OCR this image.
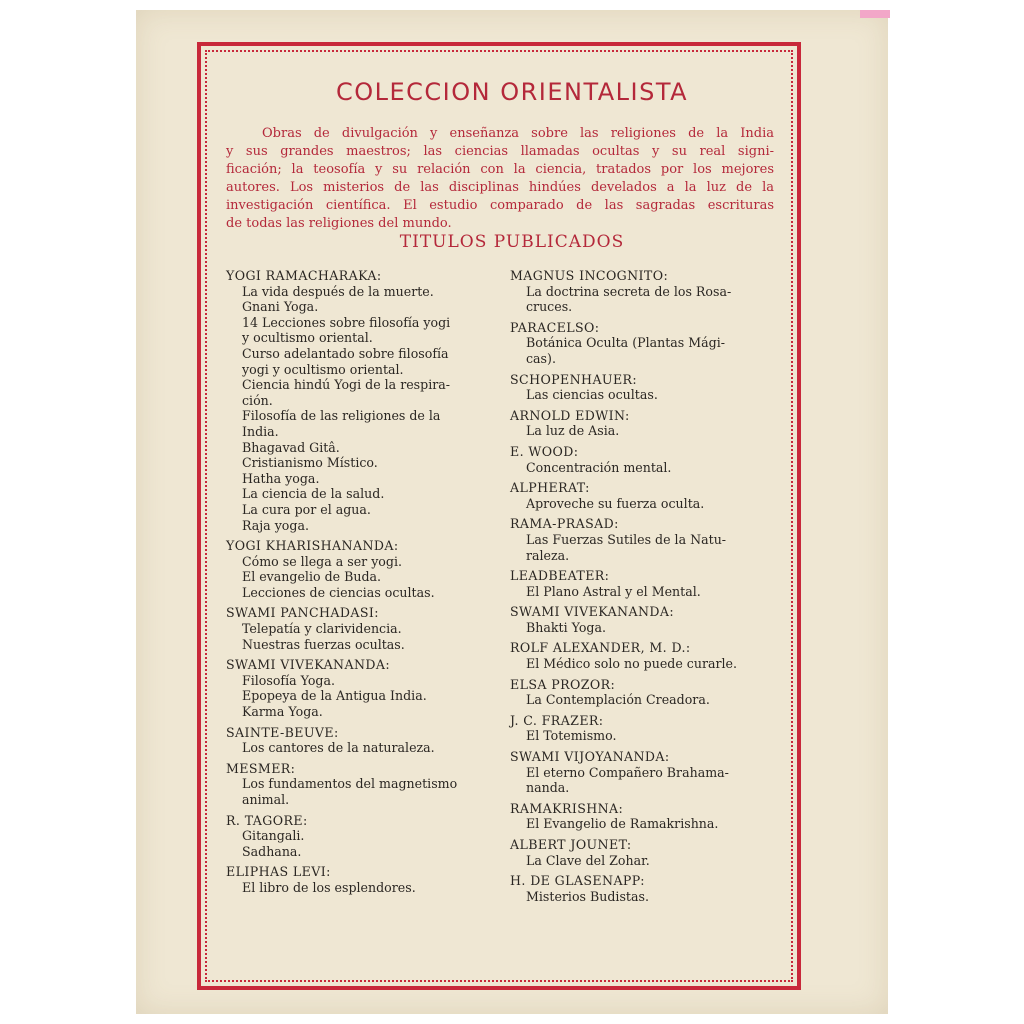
COLECCION ORIENTALISTA
Obras de divulgación y enseñanza sobre las religiones de la India
y sus grandes maestros; las ciencias llamadas ocultas y su real signi-
ficación; la teosofía y su relación con la ciencia, tratados por los mejores
autores. Los misterios de las disciplinas hindúes develados a la luz de la
investigación científica. El estudio comparado de las sagradas escrituras
de todas las religiones del mundo.
TITULOS PUBLICADOS
YOGI RAMACHARAKA:
La vida después de la muerte.
Gnani Yoga.
14 Lecciones sobre filosofía yogi
y ocultismo oriental.
Curso adelantado sobre filosofía
yogi y ocultismo oriental.
Ciencia hindú Yogi de la respira-
ción.
Filosofía de las religiones de la
India.
Bhagavad Gitâ.
Cristianismo Místico.
Hatha yoga.
La ciencia de la salud.
La cura por el agua.
Raja yoga.
YOGI KHARISHANANDA:
Cómo se llega a ser yogi.
El evangelio de Buda.
Lecciones de ciencias ocultas.
SWAMI PANCHADASI:
Telepatía y clarividencia.
Nuestras fuerzas ocultas.
SWAMI VIVEKANANDA:
Filosofía Yoga.
Epopeya de la Antigua India.
Karma Yoga.
SAINTE-BEUVE:
Los cantores de la naturaleza.
MESMER:
Los fundamentos del magnetismo
animal.
R. TAGORE:
Gitangali.
Sadhana.
ELIPHAS LEVI:
El libro de los esplendores.
MAGNUS INCOGNITO:
La doctrina secreta de los Rosa-
cruces.
PARACELSO:
Botánica Oculta (Plantas Mági-
cas).
SCHOPENHAUER:
Las ciencias ocultas.
ARNOLD EDWIN:
La luz de Asia.
E. WOOD:
Concentración mental.
ALPHERAT:
Aproveche su fuerza oculta.
RAMA-PRASAD:
Las Fuerzas Sutiles de la Natu-
raleza.
LEADBEATER:
El Plano Astral y el Mental.
SWAMI VIVEKANANDA:
Bhakti Yoga.
ROLF ALEXANDER, M. D.:
El Médico solo no puede curarle.
ELSA PROZOR:
La Contemplación Creadora.
J. C. FRAZER:
El Totemismo.
SWAMI VIJOYANANDA:
El eterno Compañero Brahama-
nanda.
RAMAKRISHNA:
El Evangelio de Ramakrishna.
ALBERT JOUNET:
La Clave del Zohar.
H. DE GLASENAPP:
Misterios Budistas.
